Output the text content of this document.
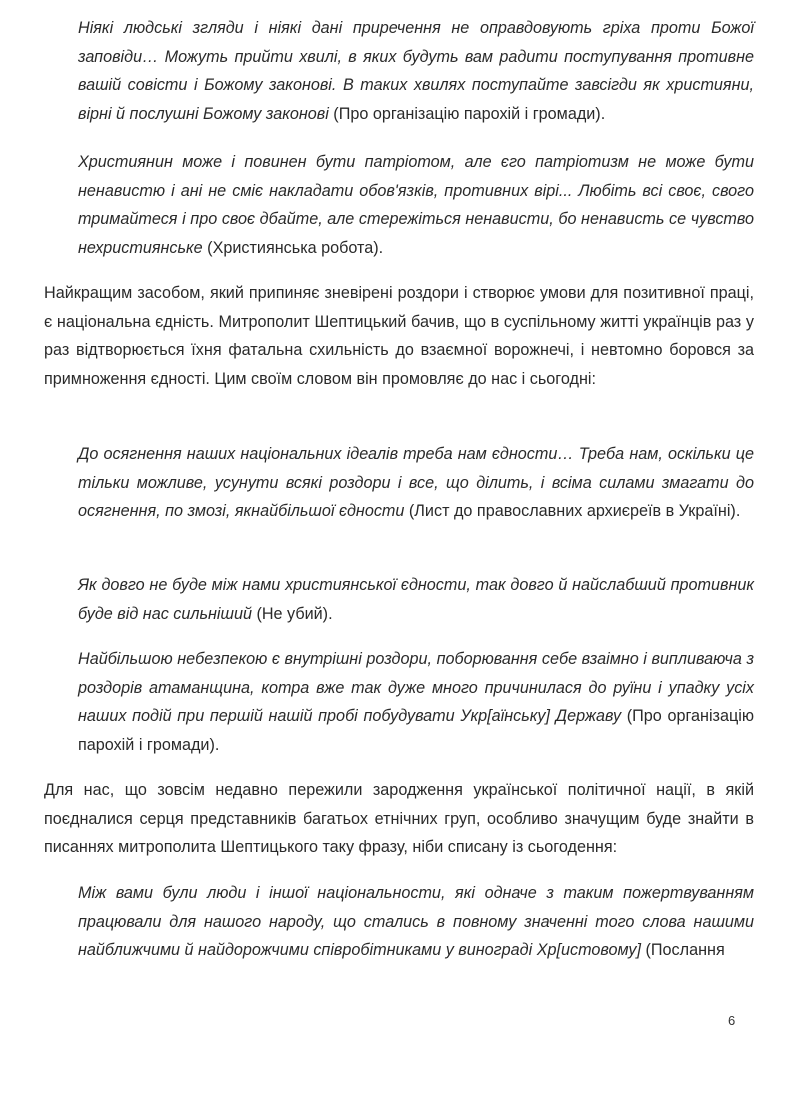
Ніякі людські згляди і ніякі дані приречення не оправдовують гріха проти Божої заповіди… Можуть прийти хвилі, в яких будуть вам радити поступування противне вашій совісти і Божому законові. В таких хвилях поступайте завсігди як християни, вірні й послушні Божому законові (Про організацію парохій і громади).
Християнин може і повинен бути патріотом, але єго патріотизм не може бути ненавистю і ані не сміє накладати обов'язків, противних вірі... Любіть всі своє, свого тримайтеся і про своє дбайте, але стережіться ненависти, бо ненависть се чувство нехристиянське (Християнська робота).
Найкращим засобом, який припиняє зневірені роздори і створює умови для позитивної праці, є національна єдність. Митрополит Шептицький бачив, що в суспільному житті українців раз у раз відтворюється їхня фатальна схильність до взаємної ворожнечі, і невтомно боровся за примноження єдності. Цим своїм словом він промовляє до нас і сьогодні:
До осягнення наших національних ідеалів треба нам єдности… Треба нам, оскільки це тільки можливе, усунути всякі роздори і все, що ділить, і всіма силами змагати до осягнення, по змозі, якнайбільшої єдности (Лист до православних архиєреїв в Україні).
Як довго не буде між нами християнської єдности, так довго й найслабший противник буде від нас сильніший (Не убий).
Найбільшою небезпекою є внутрішні роздори, поборювання себе взаімно і випливаюча з роздорів атаманщина, котра вже так дуже много причинилася до руїни і упадку усіх наших подій при першій нашій пробі побудувати Укр[аїнську] Державу (Про організацію парохій і громади).
Для нас, що зовсім недавно пережили зародження української політичної нації, в якій поєдналися серця представників багатьох етнічних груп, особливо значущим буде знайти в писаннях митрополита Шептицького таку фразу, ніби списану із сьогодення:
Між вами були люди і іншої національности, які одначе з таким пожертвуванням працювали для нашого народу, що стались в повному значенні того слова нашими найближчими й найдорожчими співробітниками у винограді Хр[истовому] (Послання
6
